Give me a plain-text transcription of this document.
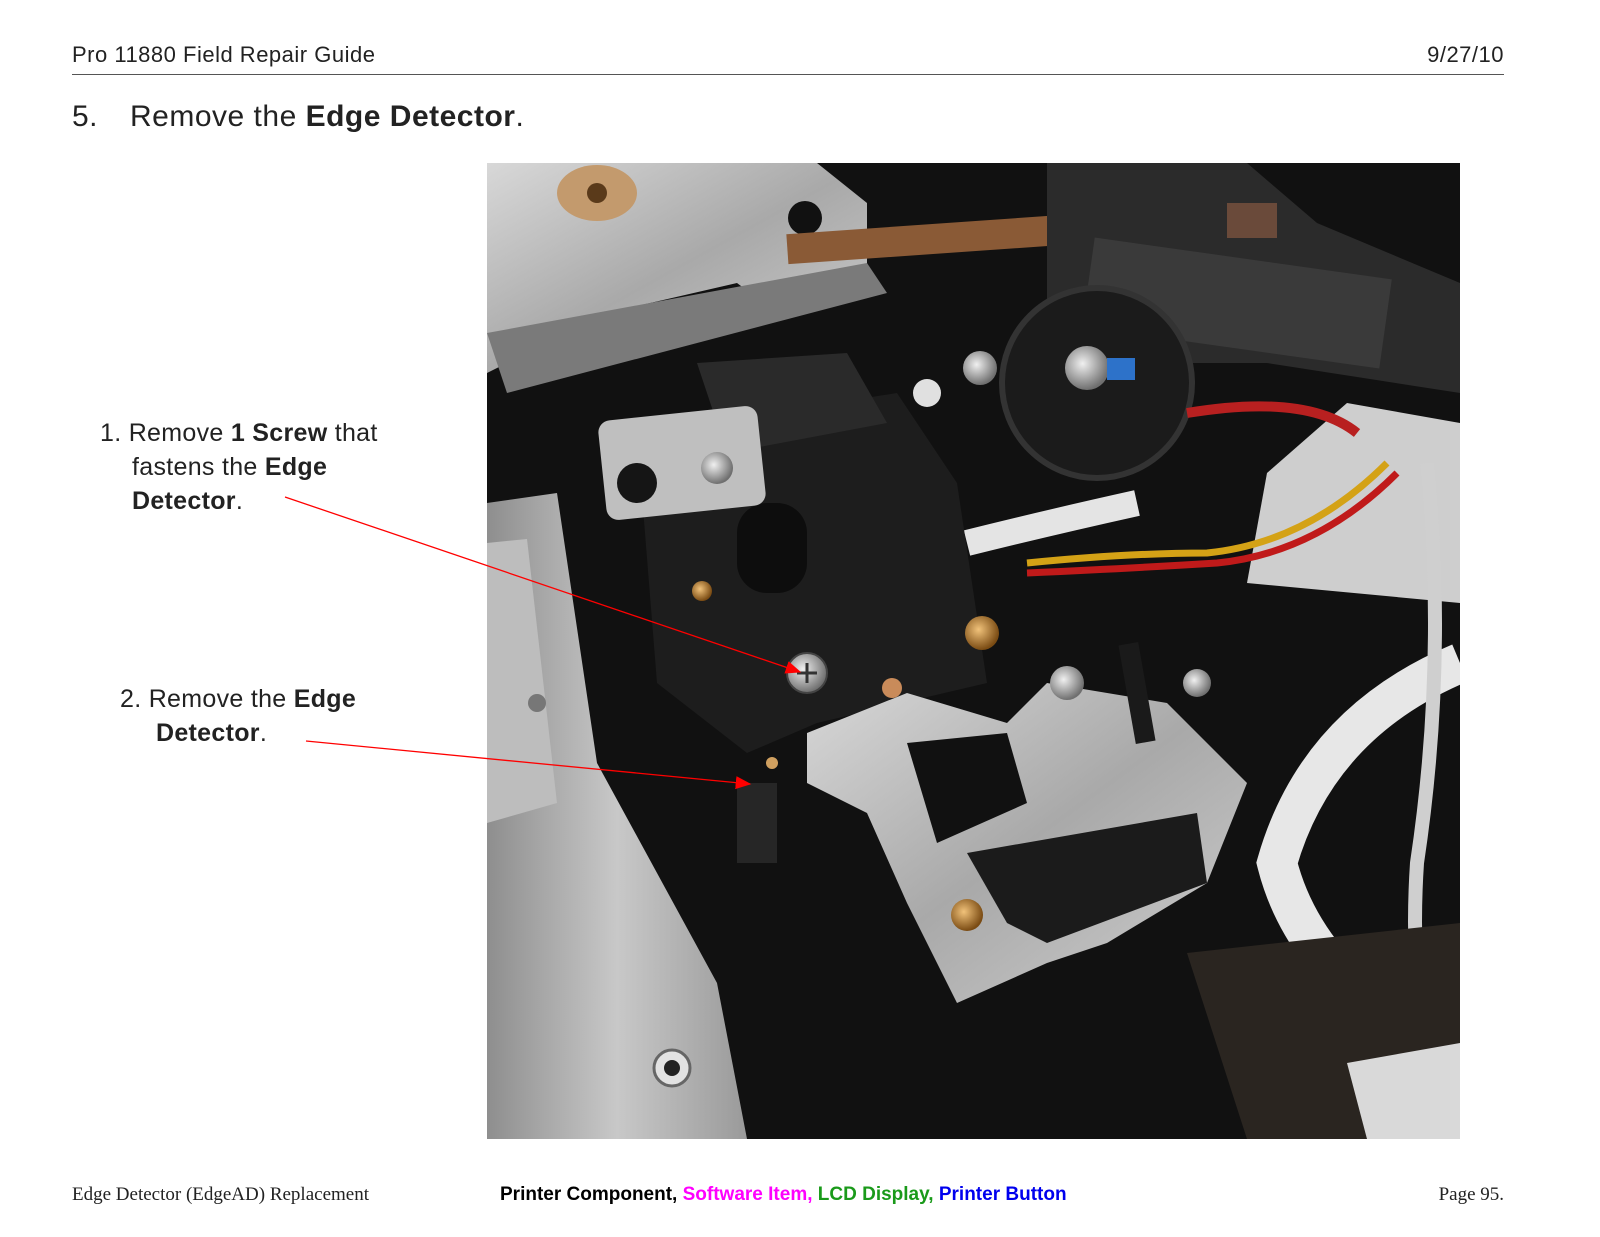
Pro 11880 Field Repair Guide	9/27/10
5. Remove the Edge Detector.
1. Remove 1 Screw that
fastens the Edge
Detector.
2. Remove the Edge
Detector.
Edge Detector (EdgeAD) Replacement	Printer Component, Software Item, LCD Display, Printer Button	Page 95.
